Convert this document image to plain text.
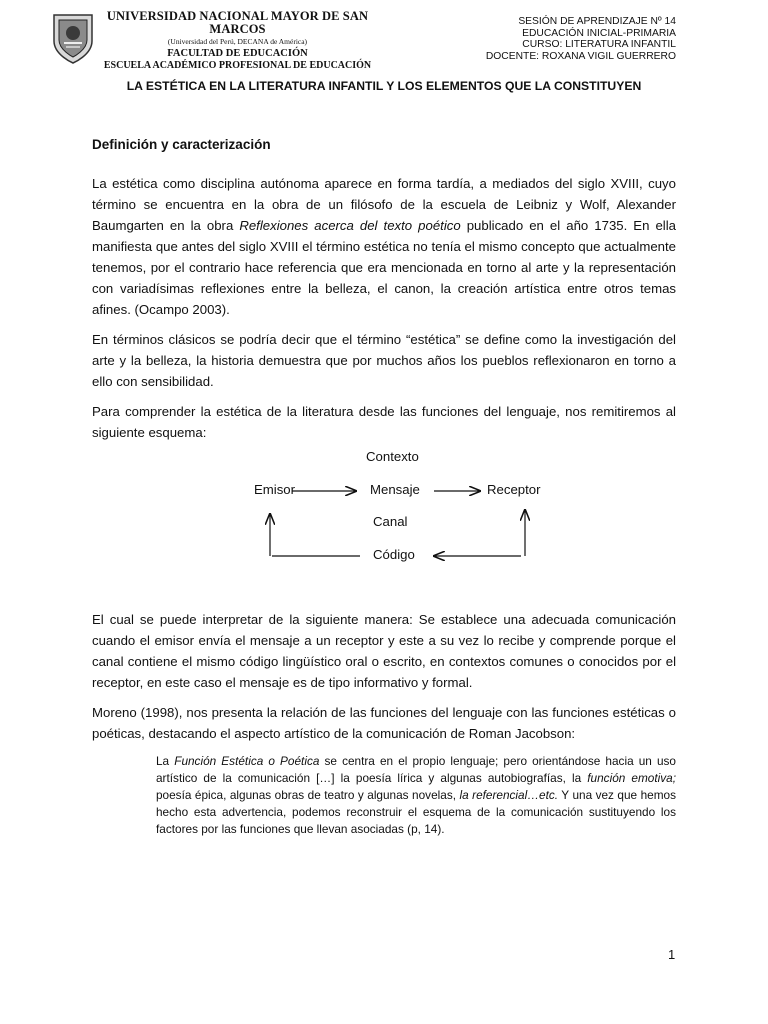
UNIVERSIDAD NACIONAL MAYOR DE SAN MARCOS
(Universidad del Perú, DECANA de América)
FACULTAD DE EDUCACIÓN
ESCUELA ACADÉMICO PROFESIONAL DE EDUCACIÓN
SESIÓN DE APRENDIZAJE Nº 14
EDUCACIÓN INICIAL-PRIMARIA
CURSO: LITERATURA INFANTIL
DOCENTE: ROXANA VIGIL GUERRERO
LA ESTÉTICA EN LA LITERATURA INFANTIL Y LOS ELEMENTOS QUE LA CONSTITUYEN

Definición y caracterización

La estética como disciplina autónoma aparece en forma tardía, a mediados del siglo XVIII, cuyo término se encuentra en la obra de un filósofo de la escuela de Leibniz y Wolf, Alexander Baumgarten en la obra Reflexiones acerca del texto poético publicado en el año 1735. En ella manifiesta que antes del siglo XVIII el término estética no tenía el mismo concepto que actualmente tenemos, por el contrario hace referencia que era mencionada en torno al arte y la representación con variadísimas reflexiones entre la belleza, el canon, la creación artística entre otros temas afines. (Ocampo 2003).

En términos clásicos se podría decir que el término “estética” se define como la investigación del arte y la belleza, la historia demuestra que por muchos años los pueblos reflexionaron en torno a ello con sensibilidad.

Para comprender la estética de la literatura desde las funciones del lenguaje, nos remitiremos al siguiente esquema:

Contexto
Emisor	Mensaje	Receptor
Canal
Código

El cual se puede interpretar de la siguiente manera: Se establece una adecuada comunicación cuando el emisor envía el mensaje a un receptor y este a su vez lo recibe y comprende porque el canal contiene el mismo código lingüístico oral o escrito, en contextos comunes o conocidos por el receptor, en este caso el mensaje es de tipo informativo y formal.

Moreno (1998), nos presenta la relación de las funciones del lenguaje con las funciones estéticas o poéticas, destacando el aspecto artístico de la comunicación de Roman Jacobson:

La Función Estética o Poética se centra en el propio lenguaje; pero orientándose hacia un uso artístico de la comunicación […] la poesía lírica y algunas autobiografías, la función emotiva; poesía épica, algunas obras de teatro y algunas novelas, la referencial…etc. Y una vez que hemos hecho esta advertencia, podemos reconstruir el esquema de la comunicación sustituyendo los factores por las funciones que llevan asociadas (p, 14).
1
